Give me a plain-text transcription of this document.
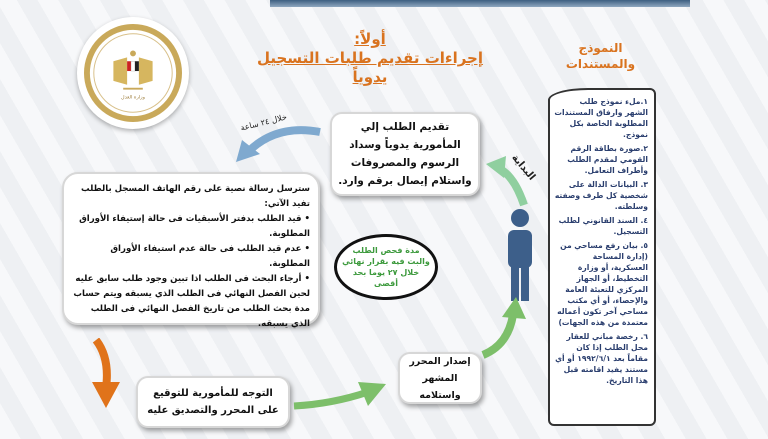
وزارة العدل
أولاً:
إجراءات تقديم طلبات التسجيل
يدوياً
النموذج والمستندات

١.ملء نموذج طلب الشهر وارفاق المستندات المطلوبة الخاصة بكل نموذج.

٢.صورة بطاقة الرقم القومي لمقدم الطلب وأطراف التعامل.

٣. البيانات الدالة على شخصية كل طرف وصفته وسلطته.

٤. السند القانوني لطلب التسجيل.

٥. بيان رفع مساحي من (إدارة المساحة العسكرية، أو وزارة التخطيط، أو الجهاز المركزي للتعبئة العامة والإحصاء، أو أي مكتب مساحي آخر تكون أعماله معتمدة من هذه الجهات)

٦. رخصة مباني للعقار محل الطلب إذا كان مقاماً بعد ١٩٩٢/٦/١ أو أي مستند يفيد اقامته قبل هذا التاريخ.

تقديم الطلب إلي المأمورية يدوياً وسداد الرسوم والمصروفات واستلام إيصال برقم وارد.
خلال ٢٤ ساعة
سترسل رسالة نصية على رقم الهاتف المسجل بالطلب تفيد الآتي:
• قيد الطلب بدفتر الأسبقيات فى حالة إستيفاء الأوراق المطلوبة.
• عدم قيد الطلب فى حالة عدم استيفاء الأوراق المطلوبة.
• أرجاء البحث فى الطلب اذا تبين وجود طلب سابق عليه لحين الفصل النهائي فى الطلب الذي يسبقه ويتم حساب مدة بحث الطلب من تاريخ الفصل النهائي فى الطلب الذي يسبقه.
مدة فحص الطلب والبت فيه بقرار نهائي خلال ٢٧ يوما بحد أقصى
البداية
التوجه للمأمورية للتوقيع على المحرر والتصديق عليه
إصدار المحرر المشهر واستلامه
